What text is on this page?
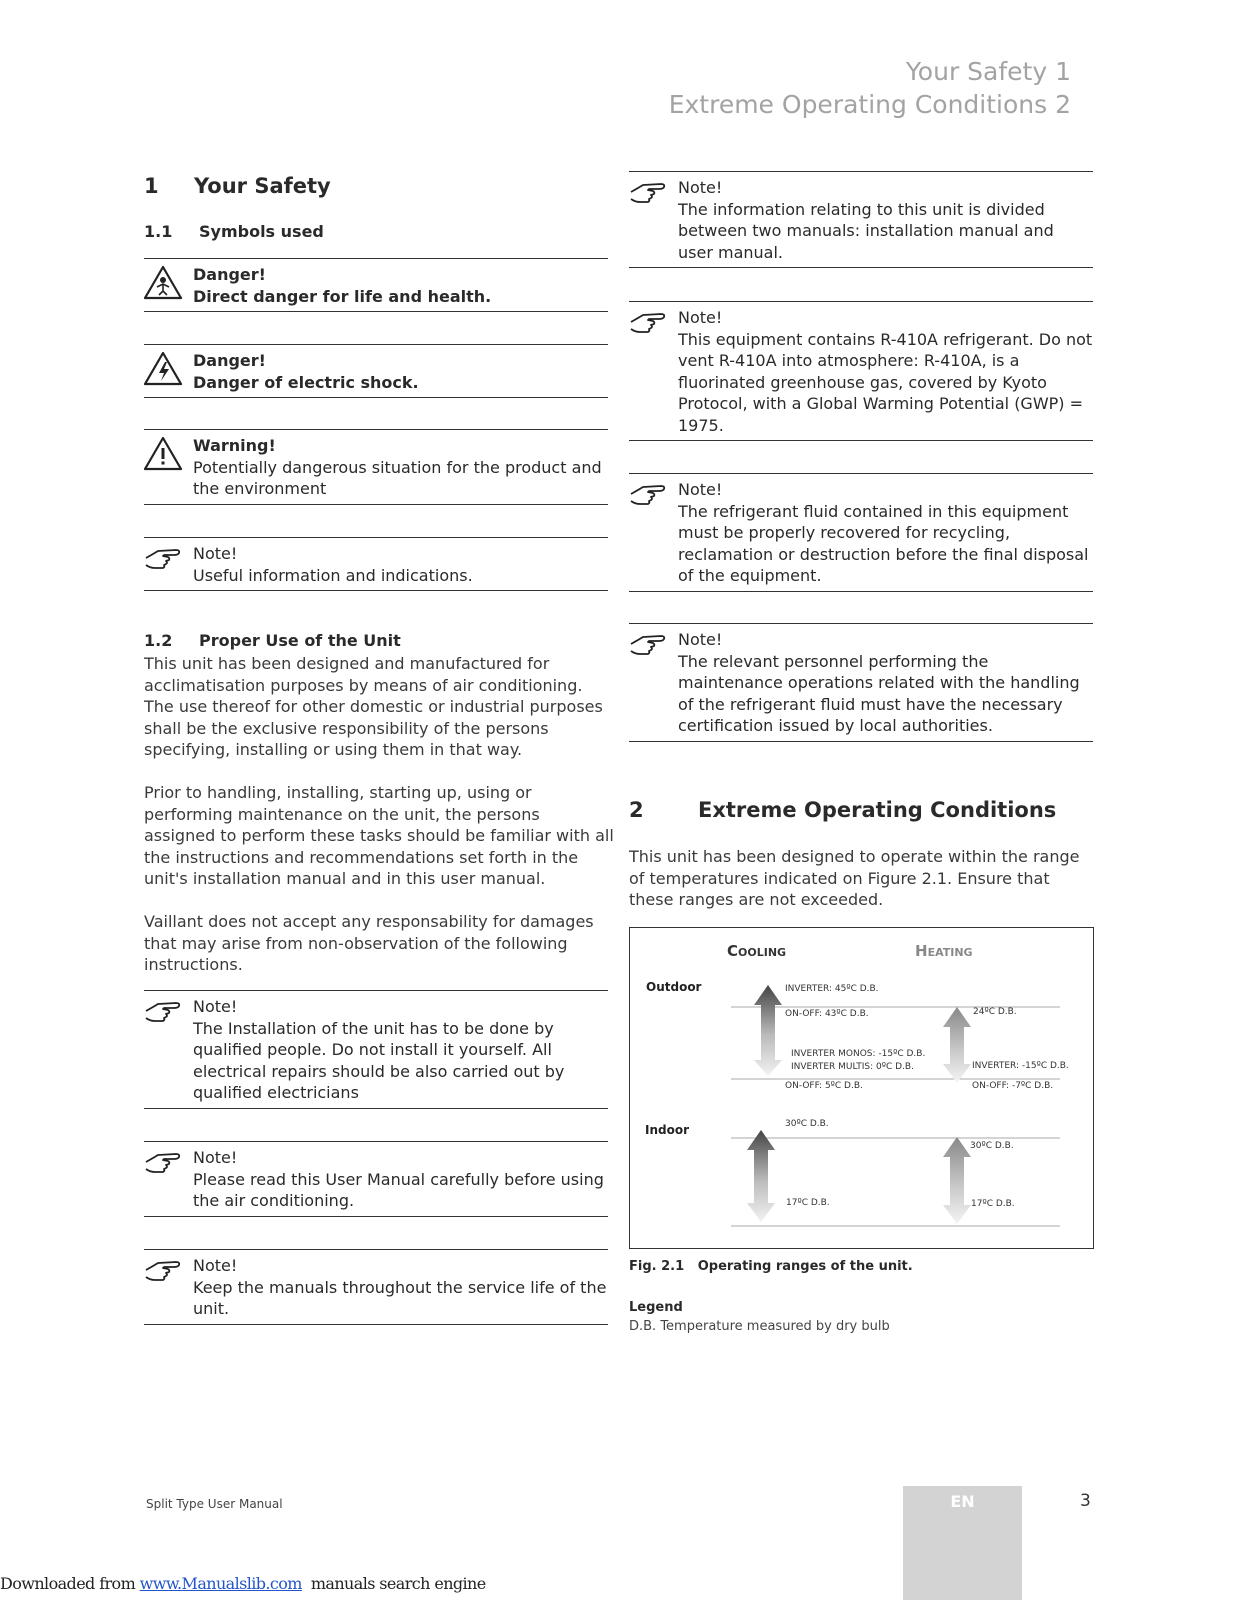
Your Safety 1
Extreme Operating Conditions 2
1 Your Safety
1.1 Symbols used
Danger!
Direct danger for life and health.
Danger!
Danger of electric shock.
Warning!
Potentially dangerous situation for the product and the environment
Note!
Useful information and indications.
1.2 Proper Use of the Unit
This unit has been designed and manufactured for acclimatisation purposes by means of air conditioning. The use thereof for other domestic or industrial purposes shall be the exclusive responsibility of the persons specifying, installing or using them in that way.
Prior to handling, installing, starting up, using or performing maintenance on the unit, the persons assigned to perform these tasks should be familiar with all the instructions and recommendations set forth in the unit's installation manual and in this user manual.
Vaillant does not accept any responsability for damages that may arise from non-observation of the following instructions.
Note!
The Installation of the unit has to be done by qualified people. Do not install it yourself. All electrical repairs should be also carried out by qualified electricians
Note!
Please read this User Manual carefully before using the air conditioning.
Note!
Keep the manuals throughout the service life of the unit.
Note!
The information relating to this unit is divided between two manuals: installation manual and user manual.
Note!
This equipment contains R-410A refrigerant. Do not vent R-410A into atmosphere: R-410A, is a fluorinated greenhouse gas, covered by Kyoto Protocol, with a Global Warming Potential (GWP) = 1975.
Note!
The refrigerant fluid contained in this equipment must be properly recovered for recycling, reclamation or destruction before the final disposal of the equipment.
Note!
The relevant personnel performing the maintenance operations related with the handling of the refrigerant fluid must have the necessary certification issued by local authorities.
2	Extreme Operating Conditions
This unit has been designed to operate within the range of temperatures indicated on Figure 2.1. Ensure that these ranges are not exceeded.
COOLING	HEATING
Outdoor
Indoor
INVERTER: 45ºC D.B.
ON-OFF: 43ºC D.B.
INVERTER MONOS: -15ºC D.B.
INVERTER MULTIS: 0ºC D.B.
ON-OFF: 5ºC D.B.
24ºC D.B.
INVERTER: -15ºC D.B.
ON-OFF: -7ºC D.B.
30ºC D.B.
17ºC D.B.
30ºC D.B.
17ºC D.B.
Fig. 2.1 Operating ranges of the unit.
Legend
D.B. Temperature measured by dry bulb
Split Type User Manual	EN	3
Downloaded from www.Manualslib.com  manuals search engine
